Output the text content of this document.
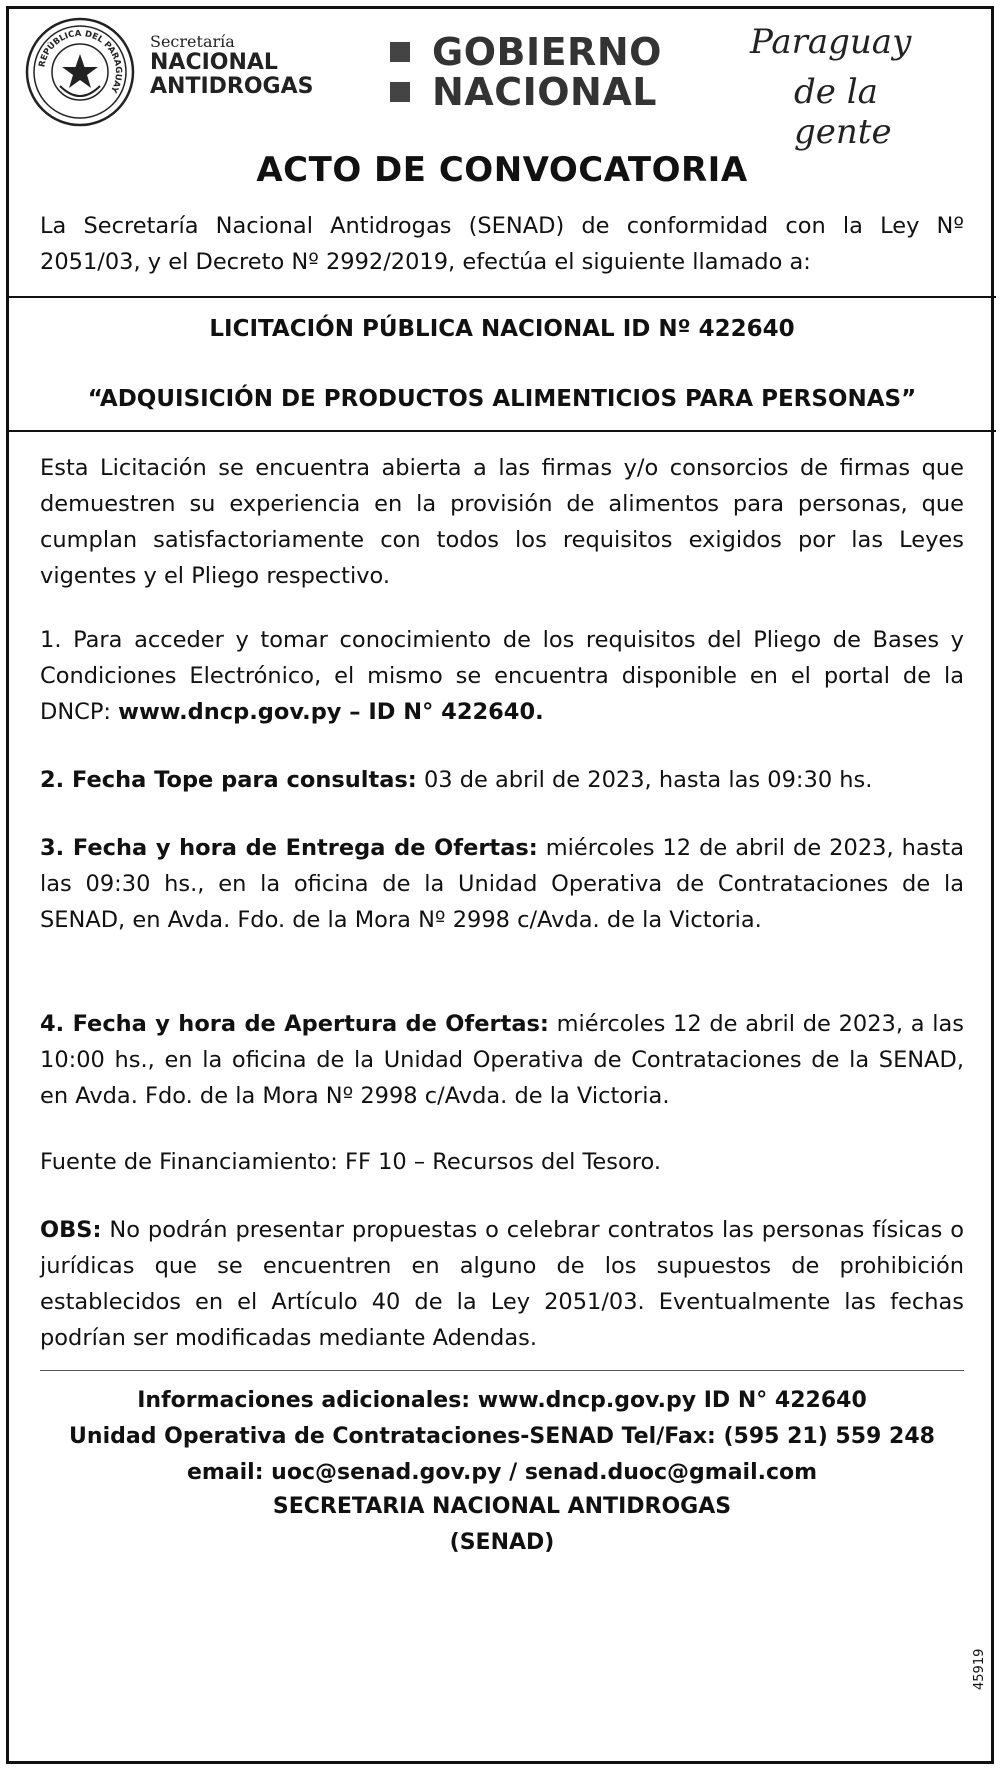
REPÚBLICA DEL PARAGUAY
Secretaría
NACIONAL
ANTIDROGAS
GOBIERNO
NACIONAL
Paraguay
de la gente
ACTO DE CONVOCATORIA
La Secretaría Nacional Antidrogas (SENAD) de conformidad con la Ley Nº 2051/03, y el Decreto Nº 2992/2019, efectúa el siguiente llamado a:
LICITACIÓN PÚBLICA NACIONAL ID Nº 422640
“ADQUISICIÓN DE PRODUCTOS ALIMENTICIOS PARA PERSONAS”
Esta Licitación se encuentra abierta a las firmas y/o consorcios de firmas que demuestren su experiencia en la provisión de alimentos para personas, que cumplan satisfactoriamente con todos los requisitos exigidos por las Leyes vigentes y el Pliego respectivo.
1. Para acceder y tomar conocimiento de los requisitos del Pliego de Bases y Condiciones Electrónico, el mismo se encuentra disponible en el portal de la DNCP: www.dncp.gov.py – ID N° 422640.
2. Fecha Tope para consultas: 03 de abril de 2023, hasta las 09:30 hs.
3. Fecha y hora de Entrega de Ofertas: miércoles 12 de abril de 2023, hasta las 09:30 hs., en la oficina de la Unidad Operativa de Contrataciones de la SENAD, en Avda. Fdo. de la Mora Nº 2998 c/Avda. de la Victoria.
4. Fecha y hora de Apertura de Ofertas: miércoles 12 de abril de 2023, a las 10:00 hs., en la oficina de la Unidad Operativa de Contrataciones de la SENAD, en Avda. Fdo. de la Mora Nº 2998 c/Avda. de la Victoria.
Fuente de Financiamiento: FF 10 – Recursos del Tesoro.
OBS: No podrán presentar propuestas o celebrar contratos las personas físicas o jurídicas que se encuentren en alguno de los supuestos de prohibición establecidos en el Artículo 40 de la Ley 2051/03. Eventualmente las fechas podrían ser modificadas mediante Adendas.
Informaciones adicionales: www.dncp.gov.py ID N° 422640
Unidad Operativa de Contrataciones-SENAD Tel/Fax: (595 21) 559 248
email: uoc@senad.gov.py / senad.duoc@gmail.com
SECRETARIA NACIONAL ANTIDROGAS
(SENAD)
45919
